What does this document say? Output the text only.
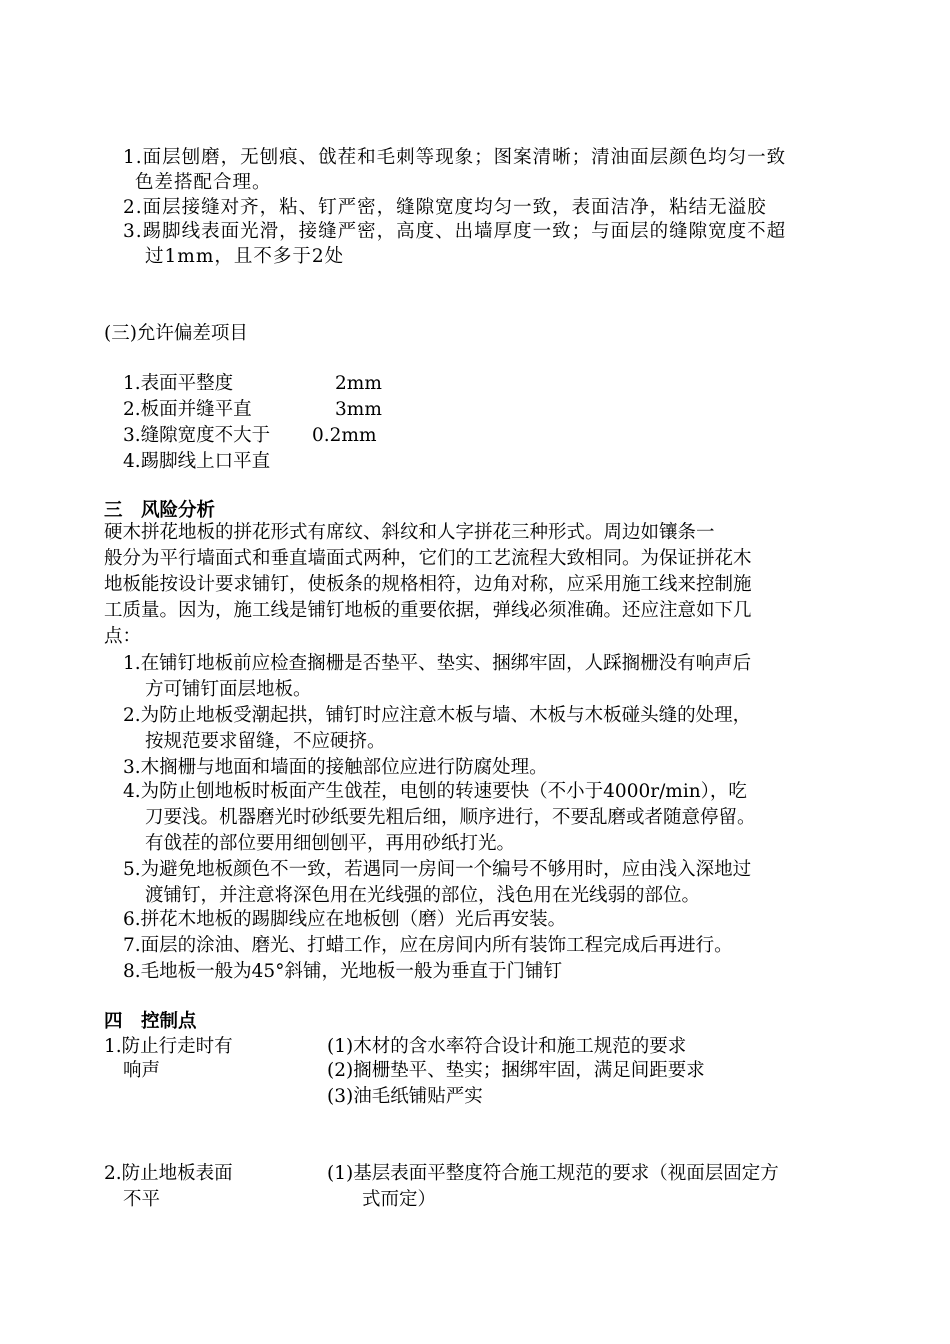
1.面层刨磨，无刨痕、戗茬和毛刺等现象；图案清晰；清油面层颜色均匀一致
色差搭配合理。
2.面层接缝对齐，粘、钉严密，缝隙宽度均匀一致，表面洁净，粘结无溢胶
3.踢脚线表面光滑，接缝严密，高度、出墙厚度一致；与面层的缝隙宽度不超
过1mm，且不多于2处
(三)允许偏差项目
1.表面平整度	2mm
2.板面并缝平直	3mm
3.缝隙宽度不大于 0.2mm
4.踢脚线上口平直
三　风险分析
硬木拼花地板的拼花形式有席纹、斜纹和人字拼花三种形式。周边如镶条一
般分为平行墙面式和垂直墙面式两种，它们的工艺流程大致相同。为保证拼花木
地板能按设计要求铺钉，使板条的规格相符，边角对称，应采用施工线来控制施
工质量。因为，施工线是铺钉地板的重要依据，弹线必须准确。还应注意如下几
点：
1.在铺钉地板前应检查搁栅是否垫平、垫实、捆绑牢固，人踩搁栅没有响声后
方可铺钉面层地板。
2.为防止地板受潮起拱，铺钉时应注意木板与墙、木板与木板碰头缝的处理，
按规范要求留缝，不应硬挤。
3.木搁栅与地面和墙面的接触部位应进行防腐处理。
4.为防止刨地板时板面产生戗茬，电刨的转速要快（不小于4000r/min），吃
刀要浅。机器磨光时砂纸要先粗后细，顺序进行，不要乱磨或者随意停留。
有戗茬的部位要用细刨刨平，再用砂纸打光。
5.为避免地板颜色不一致，若遇同一房间一个编号不够用时，应由浅入深地过
渡铺钉，并注意将深色用在光线强的部位，浅色用在光线弱的部位。
6.拼花木地板的踢脚线应在地板刨（磨）光后再安装。
7.面层的涂油、磨光、打蜡工作，应在房间内所有装饰工程完成后再进行。
8.毛地板一般为45°斜铺，光地板一般为垂直于门铺钉
四　控制点
1.防止行走时有
响声
(1)木材的含水率符合设计和施工规范的要求
(2)搁栅垫平、垫实；捆绑牢固，满足间距要求
(3)油毛纸铺贴严实
2.防止地板表面
不平
(1)基层表面平整度符合施工规范的要求（视面层固定方
式而定）
